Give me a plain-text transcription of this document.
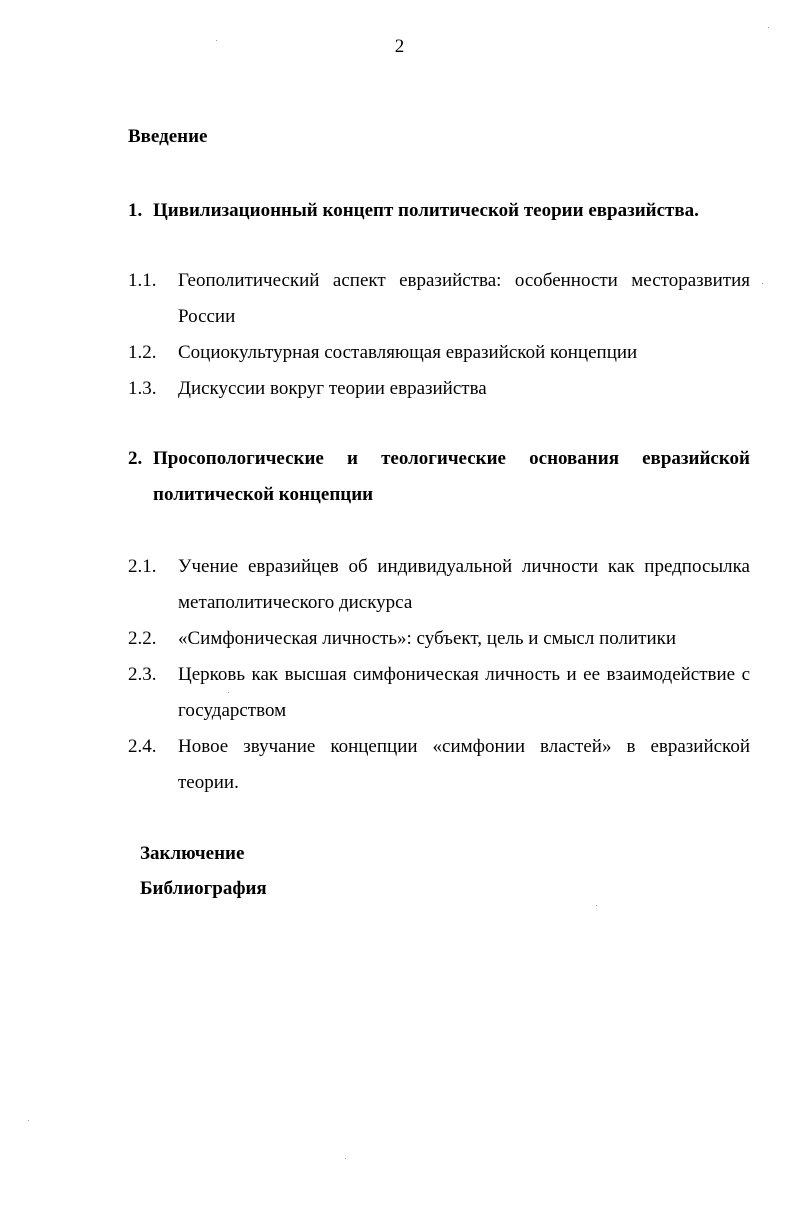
2
Введение
1. Цивилизационный концепт политической теории евразийства.
1.1. Геополитический аспект евразийства: особенности месторазвития России
1.2. Социокультурная составляющая евразийской концепции
1.3. Дискуссии вокруг теории евразийства
2. Просопологические и теологические основания евразийской
политической концепции
2.1. Учение евразийцев об индивидуальной личности как предпосылка метаполитического дискурса
2.2. «Симфоническая личность»: субъект, цель и смысл политики
2.3. Церковь как высшая симфоническая личность и ее взаимодействие с государством
2.4. Новое звучание концепции «симфонии властей» в евразийской теории.
Заключение
Библиография
